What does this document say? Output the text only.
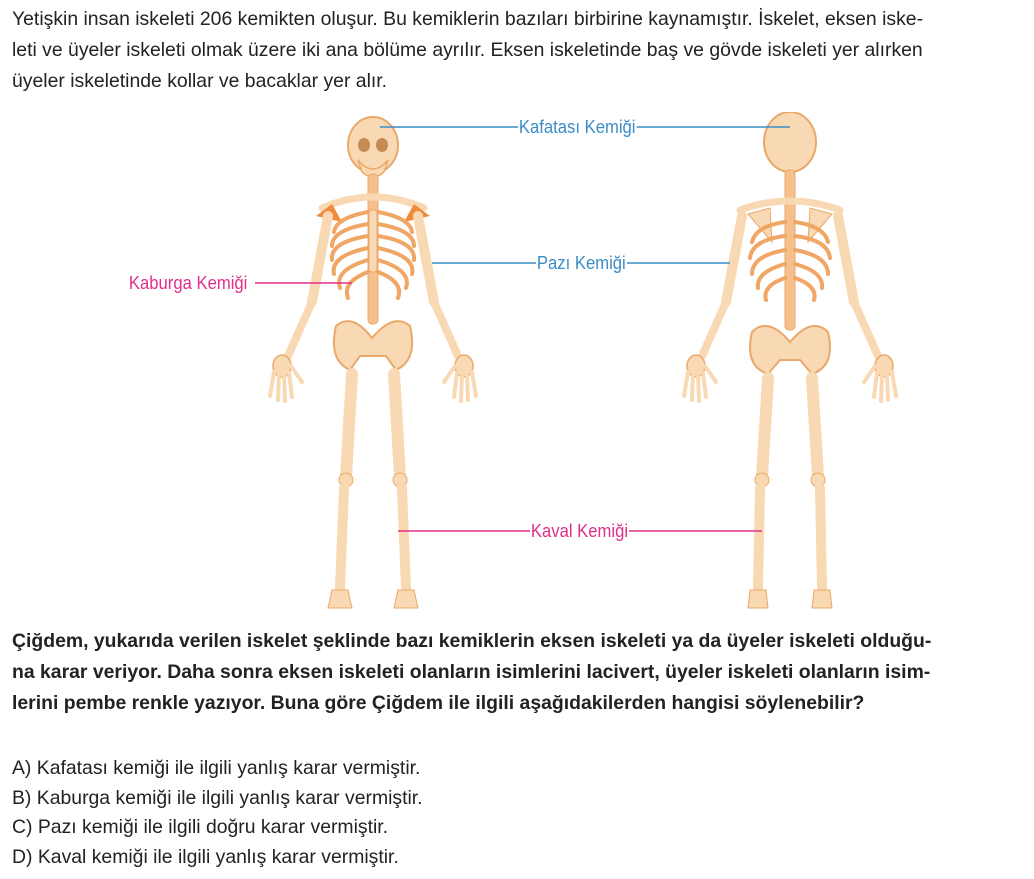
Yetişkin insan iskeleti 206 kemikten oluşur. Bu kemiklerin bazıları birbirine kaynamıştır. İskelet, eksen iske-
leti ve üyeler iskeleti olmak üzere iki ana bölüme ayrılır. Eksen iskeletinde baş ve gövde iskeleti yer alırken
üyeler iskeletinde kollar ve bacaklar yer alır.

Kafatası Kemiği
Pazı Kemiği
Kaburga Kemiği
Kaval Kemiği

Çiğdem, yukarıda verilen iskelet şeklinde bazı kemiklerin eksen iskeleti ya da üyeler iskeleti olduğu-
na karar veriyor. Daha sonra eksen iskeleti olanların isimlerini lacivert, üyeler iskeleti olanların isim-
lerini pembe renkle yazıyor. Buna göre Çiğdem ile ilgili aşağıdakilerden hangisi söylenebilir?

A) Kafatası kemiği ile ilgili yanlış karar vermiştir.
B) Kaburga kemiği ile ilgili yanlış karar vermiştir.
C) Pazı kemiği ile ilgili doğru karar vermiştir.
D) Kaval kemiği ile ilgili yanlış karar vermiştir.
